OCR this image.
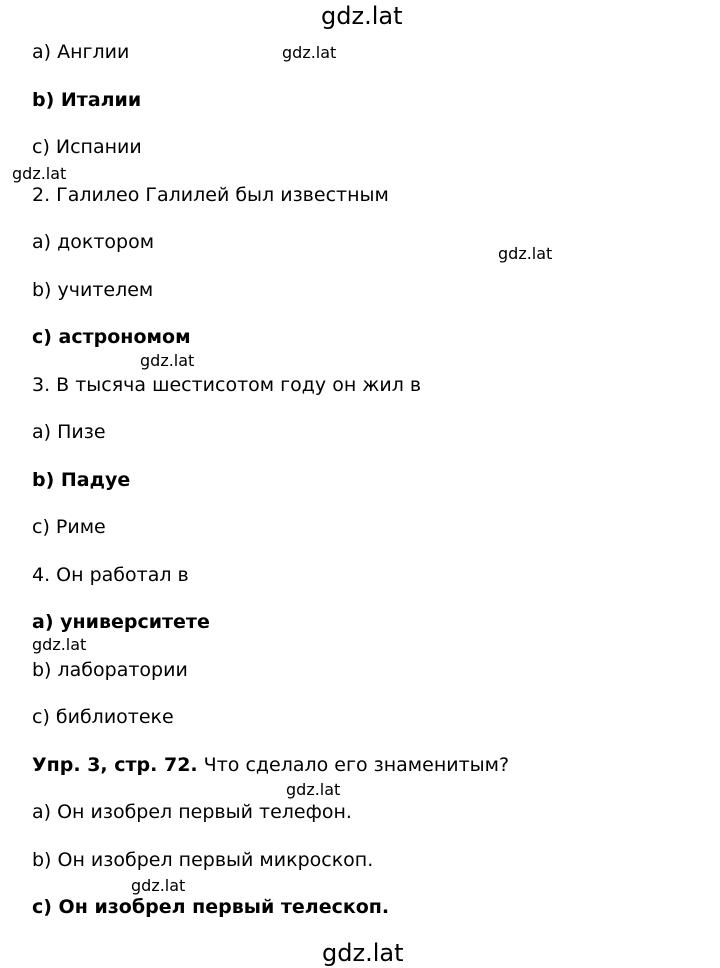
gdz.lat
gdz.lat
gdz.lat
gdz.lat
gdz.lat
gdz.lat
gdz.lat
gdz.lat
gdz.lat
a) Англии
b) Италии
c) Испании
2. Галилео Галилей был известным
a) доктором
b) учителем
c) астрономом
3. В тысяча шестисотом году он жил в
a) Пизе
b) Падуе
c) Риме
4. Он работал в
a) университете
b) лаборатории
c) библиотеке
Упр. 3, стр. 72. Что сделало его знаменитым?
a) Он изобрел первый телефон.
b) Он изобрел первый микроскоп.
c) Он изобрел первый телескоп.
